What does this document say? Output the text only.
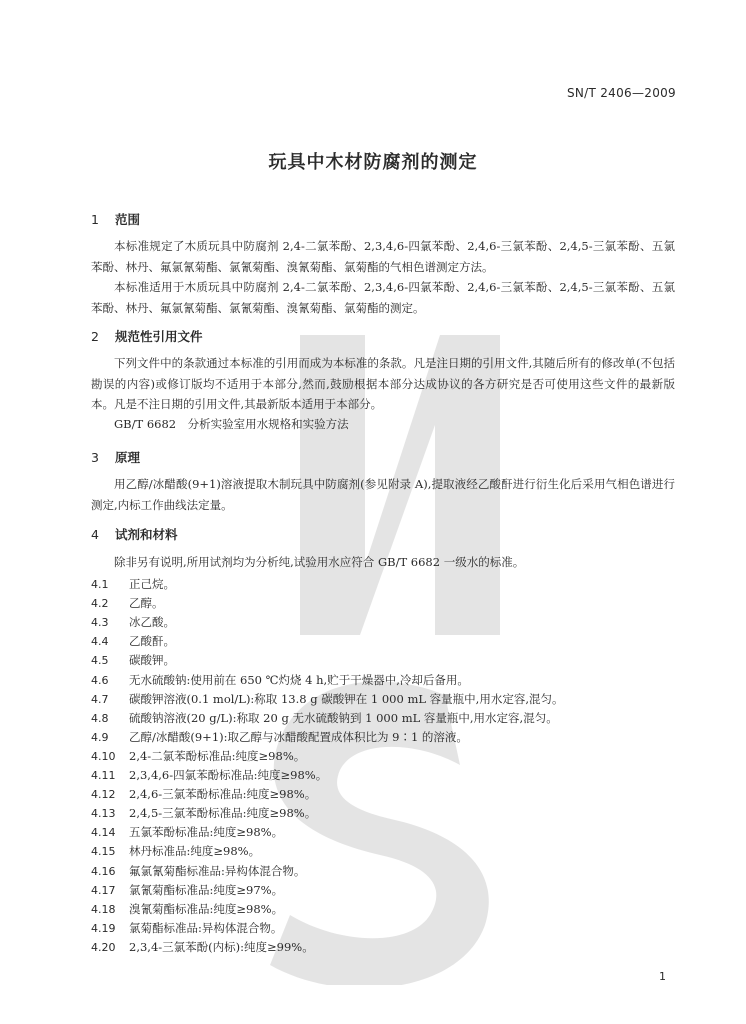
SN/T 2406—2009
玩具中木材防腐剂的测定
1 范围
本标准规定了木质玩具中防腐剂 2,4-二氯苯酚、2,3,4,6-四氯苯酚、2,4,6-三氯苯酚、2,4,5-三氯苯酚、五氯苯酚、林丹、氟氯氰菊酯、氯氰菊酯、溴氰菊酯、氯菊酯的气相色谱测定方法。
本标准适用于木质玩具中防腐剂 2,4-二氯苯酚、2,3,4,6-四氯苯酚、2,4,6-三氯苯酚、2,4,5-三氯苯酚、五氯苯酚、林丹、氟氯氰菊酯、氯氰菊酯、溴氰菊酯、氯菊酯的测定。
2 规范性引用文件
下列文件中的条款通过本标准的引用而成为本标准的条款。凡是注日期的引用文件,其随后所有的修改单(不包括勘误的内容)或修订版均不适用于本部分,然而,鼓励根据本部分达成协议的各方研究是否可使用这些文件的最新版本。凡是不注日期的引用文件,其最新版本适用于本部分。
GB/T 6682　分析实验室用水规格和实验方法
3 原理
用乙醇/冰醋酸(9+1)溶液提取木制玩具中防腐剂(参见附录 A),提取液经乙酸酐进行衍生化后采用气相色谱进行测定,内标工作曲线法定量。
4 试剂和材料
除非另有说明,所用试剂均为分析纯,试验用水应符合 GB/T 6682 一级水的标准。
4.1 正己烷。
4.2 乙醇。
4.3 冰乙酸。
4.4 乙酸酐。
4.5 碳酸钾。
4.6 无水硫酸钠:使用前在 650 ℃灼烧 4 h,贮于干燥器中,冷却后备用。
4.7 碳酸钾溶液(0.1 mol/L):称取 13.8 g 碳酸钾在 1 000 mL 容量瓶中,用水定容,混匀。
4.8 硫酸钠溶液(20 g/L):称取 20 g 无水硫酸钠到 1 000 mL 容量瓶中,用水定容,混匀。
4.9 乙醇/冰醋酸(9+1):取乙醇与冰醋酸配置成体积比为 9∶1 的溶液。
4.10 2,4-二氯苯酚标准品:纯度≥98%。
4.11 2,3,4,6-四氯苯酚标准品:纯度≥98%。
4.12 2,4,6-三氯苯酚标准品:纯度≥98%。
4.13 2,4,5-三氯苯酚标准品:纯度≥98%。
4.14 五氯苯酚标准品:纯度≥98%。
4.15 林丹标准品:纯度≥98%。
4.16 氟氯氰菊酯标准品:异构体混合物。
4.17 氯氰菊酯标准品:纯度≥97%。
4.18 溴氰菊酯标准品:纯度≥98%。
4.19 氯菊酯标准品:异构体混合物。
4.20 2,3,4-三氯苯酚(内标):纯度≥99%。
1
